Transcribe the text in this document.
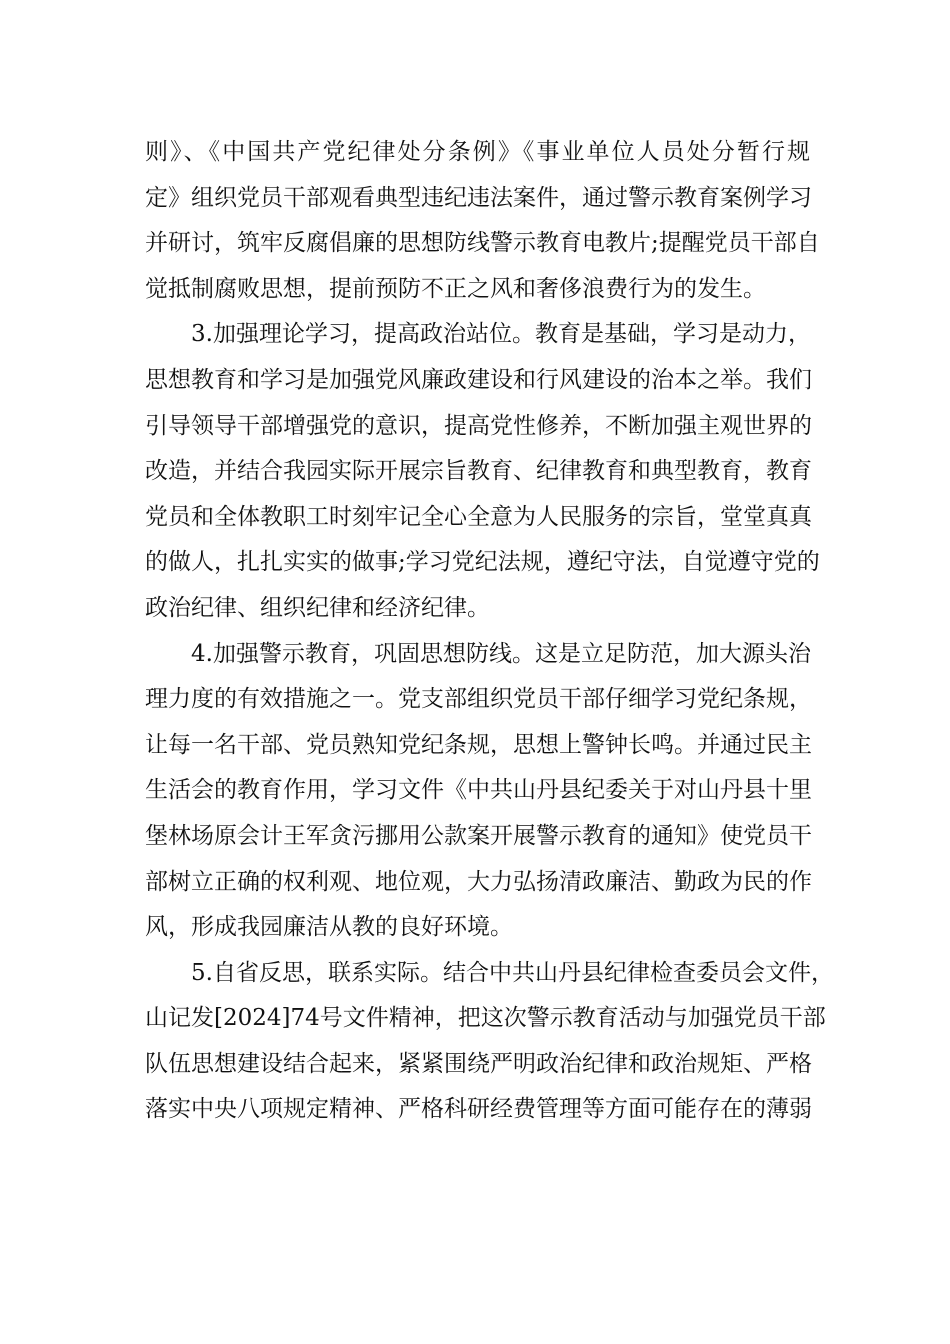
则》、《中国共产党纪律处分条例》《事业单位人员处分暂行规
定》组织党员干部观看典型违纪违法案件，通过警示教育案例学习
并研讨，筑牢反腐倡廉的思想防线警示教育电教片;提醒党员干部自
觉抵制腐败思想，提前预防不正之风和奢侈浪费行为的发生。
3.加强理论学习，提高政治站位。教育是基础，学习是动力，
思想教育和学习是加强党风廉政建设和行风建设的治本之举。我们
引导领导干部增强党的意识，提高党性修养，不断加强主观世界的
改造，并结合我园实际开展宗旨教育、纪律教育和典型教育，教育
党员和全体教职工时刻牢记全心全意为人民服务的宗旨，堂堂真真
的做人，扎扎实实的做事;学习党纪法规，遵纪守法，自觉遵守党的
政治纪律、组织纪律和经济纪律。
4.加强警示教育，巩固思想防线。这是立足防范，加大源头治
理力度的有效措施之一。党支部组织党员干部仔细学习党纪条规，
让每一名干部、党员熟知党纪条规，思想上警钟长鸣。并通过民主
生活会的教育作用，学习文件《中共山丹县纪委关于对山丹县十里
堡林场原会计王军贪污挪用公款案开展警示教育的通知》使党员干
部树立正确的权利观、地位观，大力弘扬清政廉洁、勤政为民的作
风，形成我园廉洁从教的良好环境。
5.自省反思，联系实际。结合中共山丹县纪律检查委员会文件，
山记发[2024]74号文件精神，把这次警示教育活动与加强党员干部
队伍思想建设结合起来，紧紧围绕严明政治纪律和政治规矩、严格
落实中央八项规定精神、严格科研经费管理等方面可能存在的薄弱
